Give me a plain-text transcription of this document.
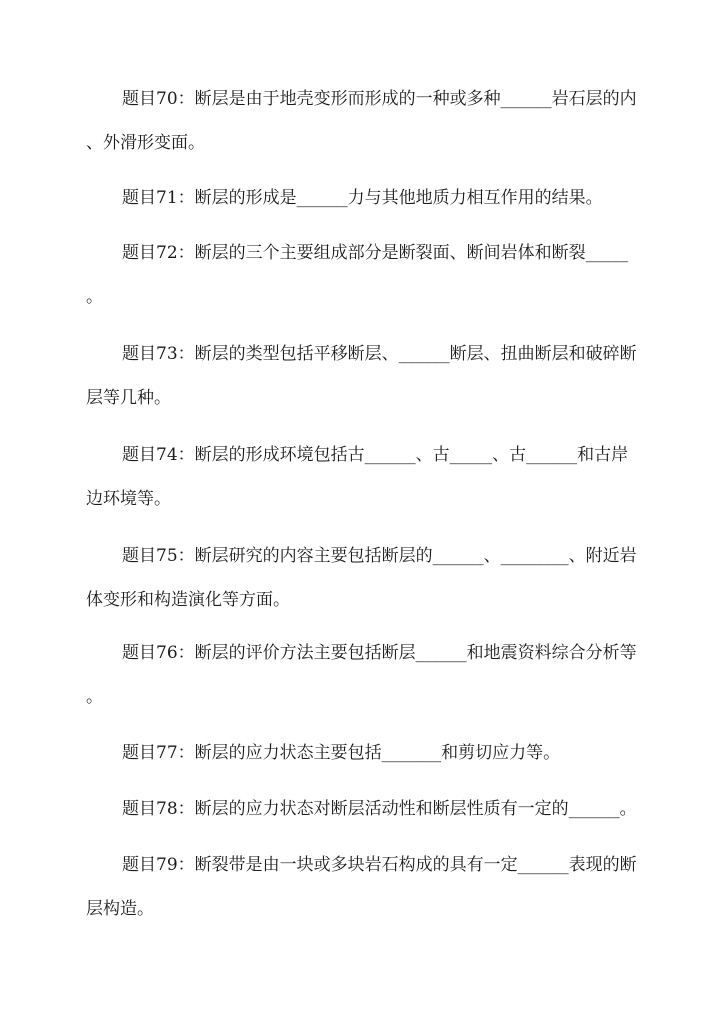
题目70：断层是由于地壳变形而形成的一种或多种______岩石层的内
、外滑形变面。
题目71：断层的形成是______力与其他地质力相互作用的结果。
题目72：断层的三个主要组成部分是断裂面、断间岩体和断裂_____
。
题目73：断层的类型包括平移断层、______断层、扭曲断层和破碎断
层等几种。
题目74：断层的形成环境包括古______、古_____、古______和古岸
边环境等。
题目75：断层研究的内容主要包括断层的______、________、附近岩
体变形和构造演化等方面。
题目76：断层的评价方法主要包括断层______和地震资料综合分析等
。
题目77：断层的应力状态主要包括_______和剪切应力等。
题目78：断层的应力状态对断层活动性和断层性质有一定的______。
题目79：断裂带是由一块或多块岩石构成的具有一定______表现的断
层构造。
